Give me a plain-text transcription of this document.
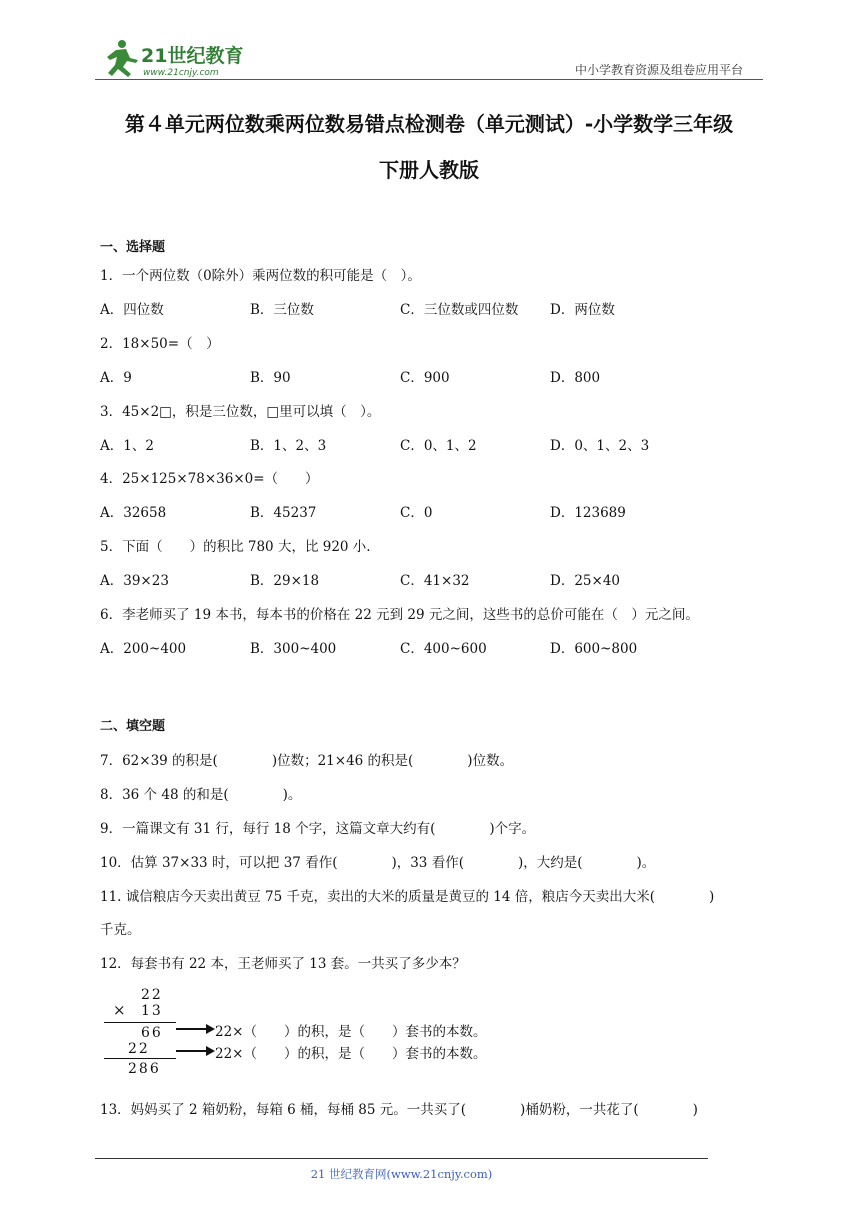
21世纪教育
www.21cnjy.com	中小学教育资源及组卷应用平台
第４单元两位数乘两位数易错点检测卷（单元测试）-小学数学三年级
下册人教版
一、选择题
1．一个两位数（0除外）乘两位数的积可能是（　）。
A．四位数	B．三位数	C．三位数或四位数 D．两位数
2．18×50=（　）
A．9	B．90	C．900	D．800
3．45×2□，积是三位数，□里可以填（　）。
A．1、2	B．1、2、3	C．0、1、2	D．0、1、2、3
4．25×125×78×36×0=（　　）
A．32658	B．45237	C．0	D．123689
5．下面（　　）的积比 780 大，比 920 小.
A．39×23	B．29×18	C．41×32	D．25×40
6．李老师买了 19 本书，每本书的价格在 22 元到 29 元之间，这些书的总价可能在（　）元之间。
A．200~400	B．300~400	C．400~600	D．600~800
二、填空题
7．62×39 的积是(　　　　)位数；21×46 的积是(　　　　)位数。
8．36 个 48 的和是(　　　　)。
9．一篇课文有 31 行，每行 18 个字，这篇文章大约有(　　　　)个字。
10．估算 37×33 时，可以把 37 看作(　　　　)，33 看作(　　　　)，大约是(　　　　)。
11. 诚信粮店今天卖出黄豆 75 千克，卖出的大米的质量是黄豆的 14 倍，粮店今天卖出大米(　　　　)
千克。
12．每套书有 22 本，王老师买了 13 套。一共买了多少本？
22
× 13
66
22
286
22×（　　）的积，是（　　）套书的本数。
22×（　　）的积，是（　　）套书的本数。
13．妈妈买了 2 箱奶粉，每箱 6 桶，每桶 85 元。一共买了(　　　　)桶奶粉，一共花了(　　　　)
21 世纪教育网(www.21cnjy.com)
